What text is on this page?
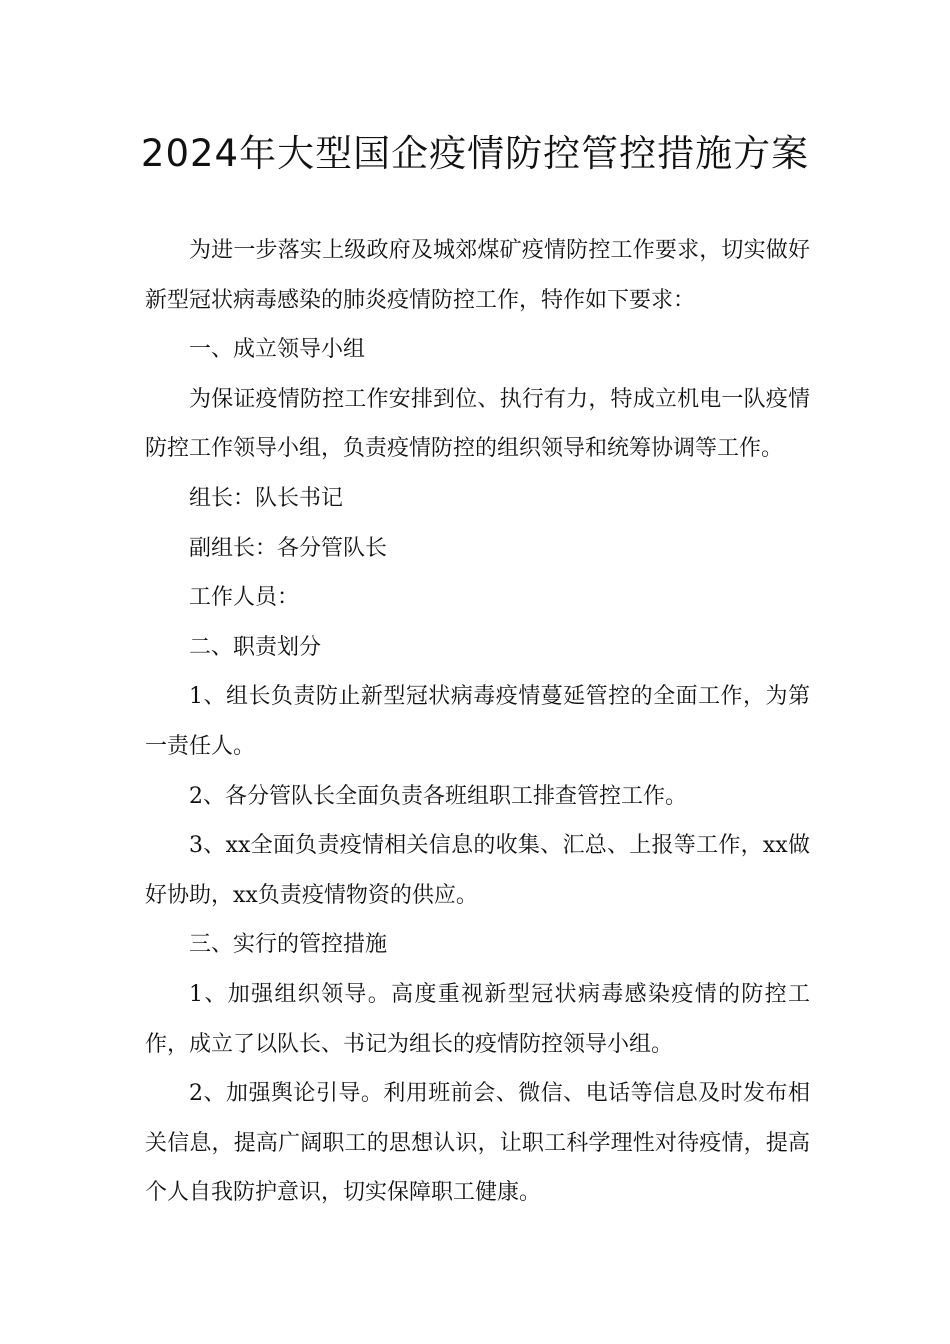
2024年大型国企疫情防控管控措施方案

为进一步落实上级政府及城郊煤矿疫情防控工作要求，切实做好新型冠状病毒感染的肺炎疫情防控工作，特作如下要求：

一、成立领导小组

为保证疫情防控工作安排到位、执行有力，特成立机电一队疫情防控工作领导小组，负责疫情防控的组织领导和统筹协调等工作。

组长：队长书记

副组长：各分管队长

工作人员：

二、职责划分

1、组长负责防止新型冠状病毒疫情蔓延管控的全面工作，为第一责任人。

2、各分管队长全面负责各班组职工排查管控工作。

3、xx全面负责疫情相关信息的收集、汇总、上报等工作，xx做好协助，xx负责疫情物资的供应。

三、实行的管控措施

1、加强组织领导。高度重视新型冠状病毒感染疫情的防控工作，成立了以队长、书记为组长的疫情防控领导小组。

2、加强舆论引导。利用班前会、微信、电话等信息及时发布相关信息，提高广阔职工的思想认识，让职工科学理性对待疫情，提高个人自我防护意识，切实保障职工健康。
